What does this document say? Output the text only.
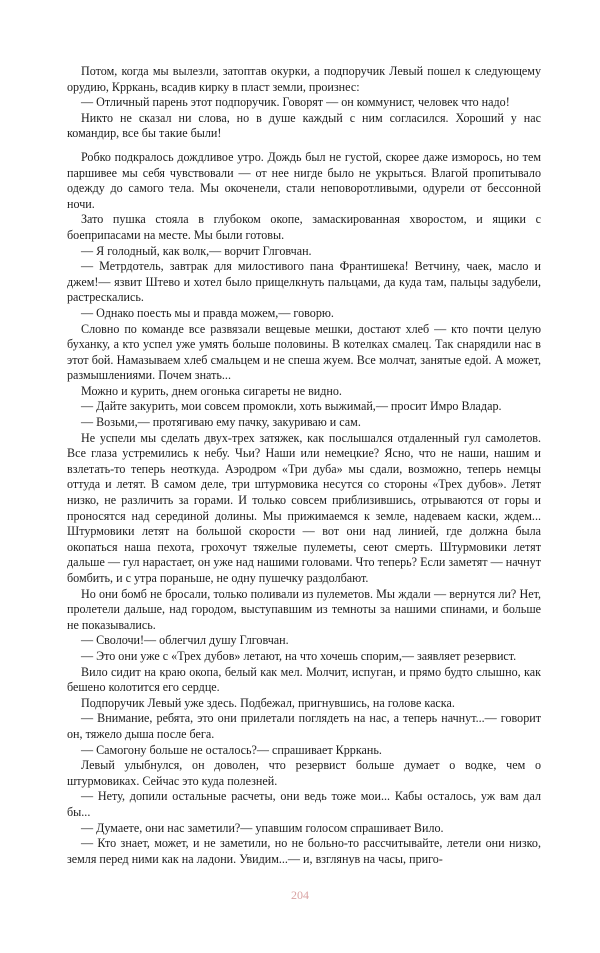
Потом, когда мы вылезли, затоптав окурки, а подпоручик Левый пошел к следующему орудию, Крркань, всадив кирку в пласт земли, произнес:

— Отличный парень этот подпоручик. Говорят — он коммунист, человек что надо!

Никто не сказал ни слова, но в душе каждый с ним согласился. Хороший у нас командир, все бы такие были!

Робко подкралось дождливое утро. Дождь был не густой, скорее даже изморось, но тем паршивее мы себя чувствовали — от нее нигде было не укрыться. Влагой пропитывало одежду до самого тела. Мы окоченели, стали неповоротливыми, одурели от бессонной ночи.

Зато пушка стояла в глубоком окопе, замаскированная хворостом, и ящики с боеприпасами на месте. Мы были готовы.

— Я голодный, как волк,— ворчит Глговчан.

— Метрдотель, завтрак для милостивого пана Франтишека! Ветчину, чаек, масло и джем!— язвит Штево и хотел было прищелкнуть пальцами, да куда там, пальцы задубели, растрескались.

— Однако поесть мы и правда можем,— говорю.

Словно по команде все развязали вещевые мешки, достают хлеб — кто почти целую буханку, а кто успел уже умять больше половины. В котелках смалец. Так снарядили нас в этот бой. Намазываем хлеб смальцем и не спеша жуем. Все молчат, занятые едой. А может, размышлениями. Почем знать...

Можно и курить, днем огонька сигареты не видно.

— Дайте закурить, мои совсем промокли, хоть выжимай,— просит Имро Владар.

— Возьми,— протягиваю ему пачку, закуриваю и сам.

Не успели мы сделать двух-трех затяжек, как послышался отдаленный гул самолетов. Все глаза устремились к небу. Чьи? Наши или немецкие? Ясно, что не наши, нашим и взлетать-то теперь неоткуда. Аэродром «Три дуба» мы сдали, возможно, теперь немцы оттуда и летят. В самом деле, три штурмовика несутся со стороны «Трех дубов». Летят низко, не различить за горами. И только совсем приблизившись, отрываются от горы и проносятся над серединой долины. Мы прижимаемся к земле, надеваем каски, ждем... Штурмовики летят на большой скорости — вот они над линией, где должна была окопаться наша пехота, грохочут тяжелые пулеметы, сеют смерть. Штурмовики летят дальше — гул нарастает, он уже над нашими головами. Что теперь? Если заметят — начнут бомбить, и с утра пораньше, не одну пушечку раздолбают.

Но они бомб не бросали, только поливали из пулеметов. Мы ждали — вернутся ли? Нет, пролетели дальше, над городом, выступавшим из темноты за нашими спинами, и больше не показывались.

— Сволочи!— облегчил душу Глговчан.

— Это они уже с «Трех дубов» летают, на что хочешь спорим,— заявляет резервист.

Вило сидит на краю окопа, белый как мел. Молчит, испуган, и прямо будто слышно, как бешено колотится его сердце.

Подпоручик Левый уже здесь. Подбежал, пригнувшись, на голове каска.

— Внимание, ребята, это они прилетали поглядеть на нас, а теперь начнут...— говорит он, тяжело дыша после бега.

— Самогону больше не осталось?— спрашивает Крркань.

Левый улыбнулся, он доволен, что резервист больше думает о водке, чем о штурмовиках. Сейчас это куда полезней.

— Нету, допили остальные расчеты, они ведь тоже мои... Кабы осталось, уж вам дал бы...

— Думаете, они нас заметили?— упавшим голосом спрашивает Вило.

— Кто знает, может, и не заметили, но не больно-то рассчитывайте, летели они низко, земля перед ними как на ладони. Увидим...— и, взглянув на часы, приго-

204
